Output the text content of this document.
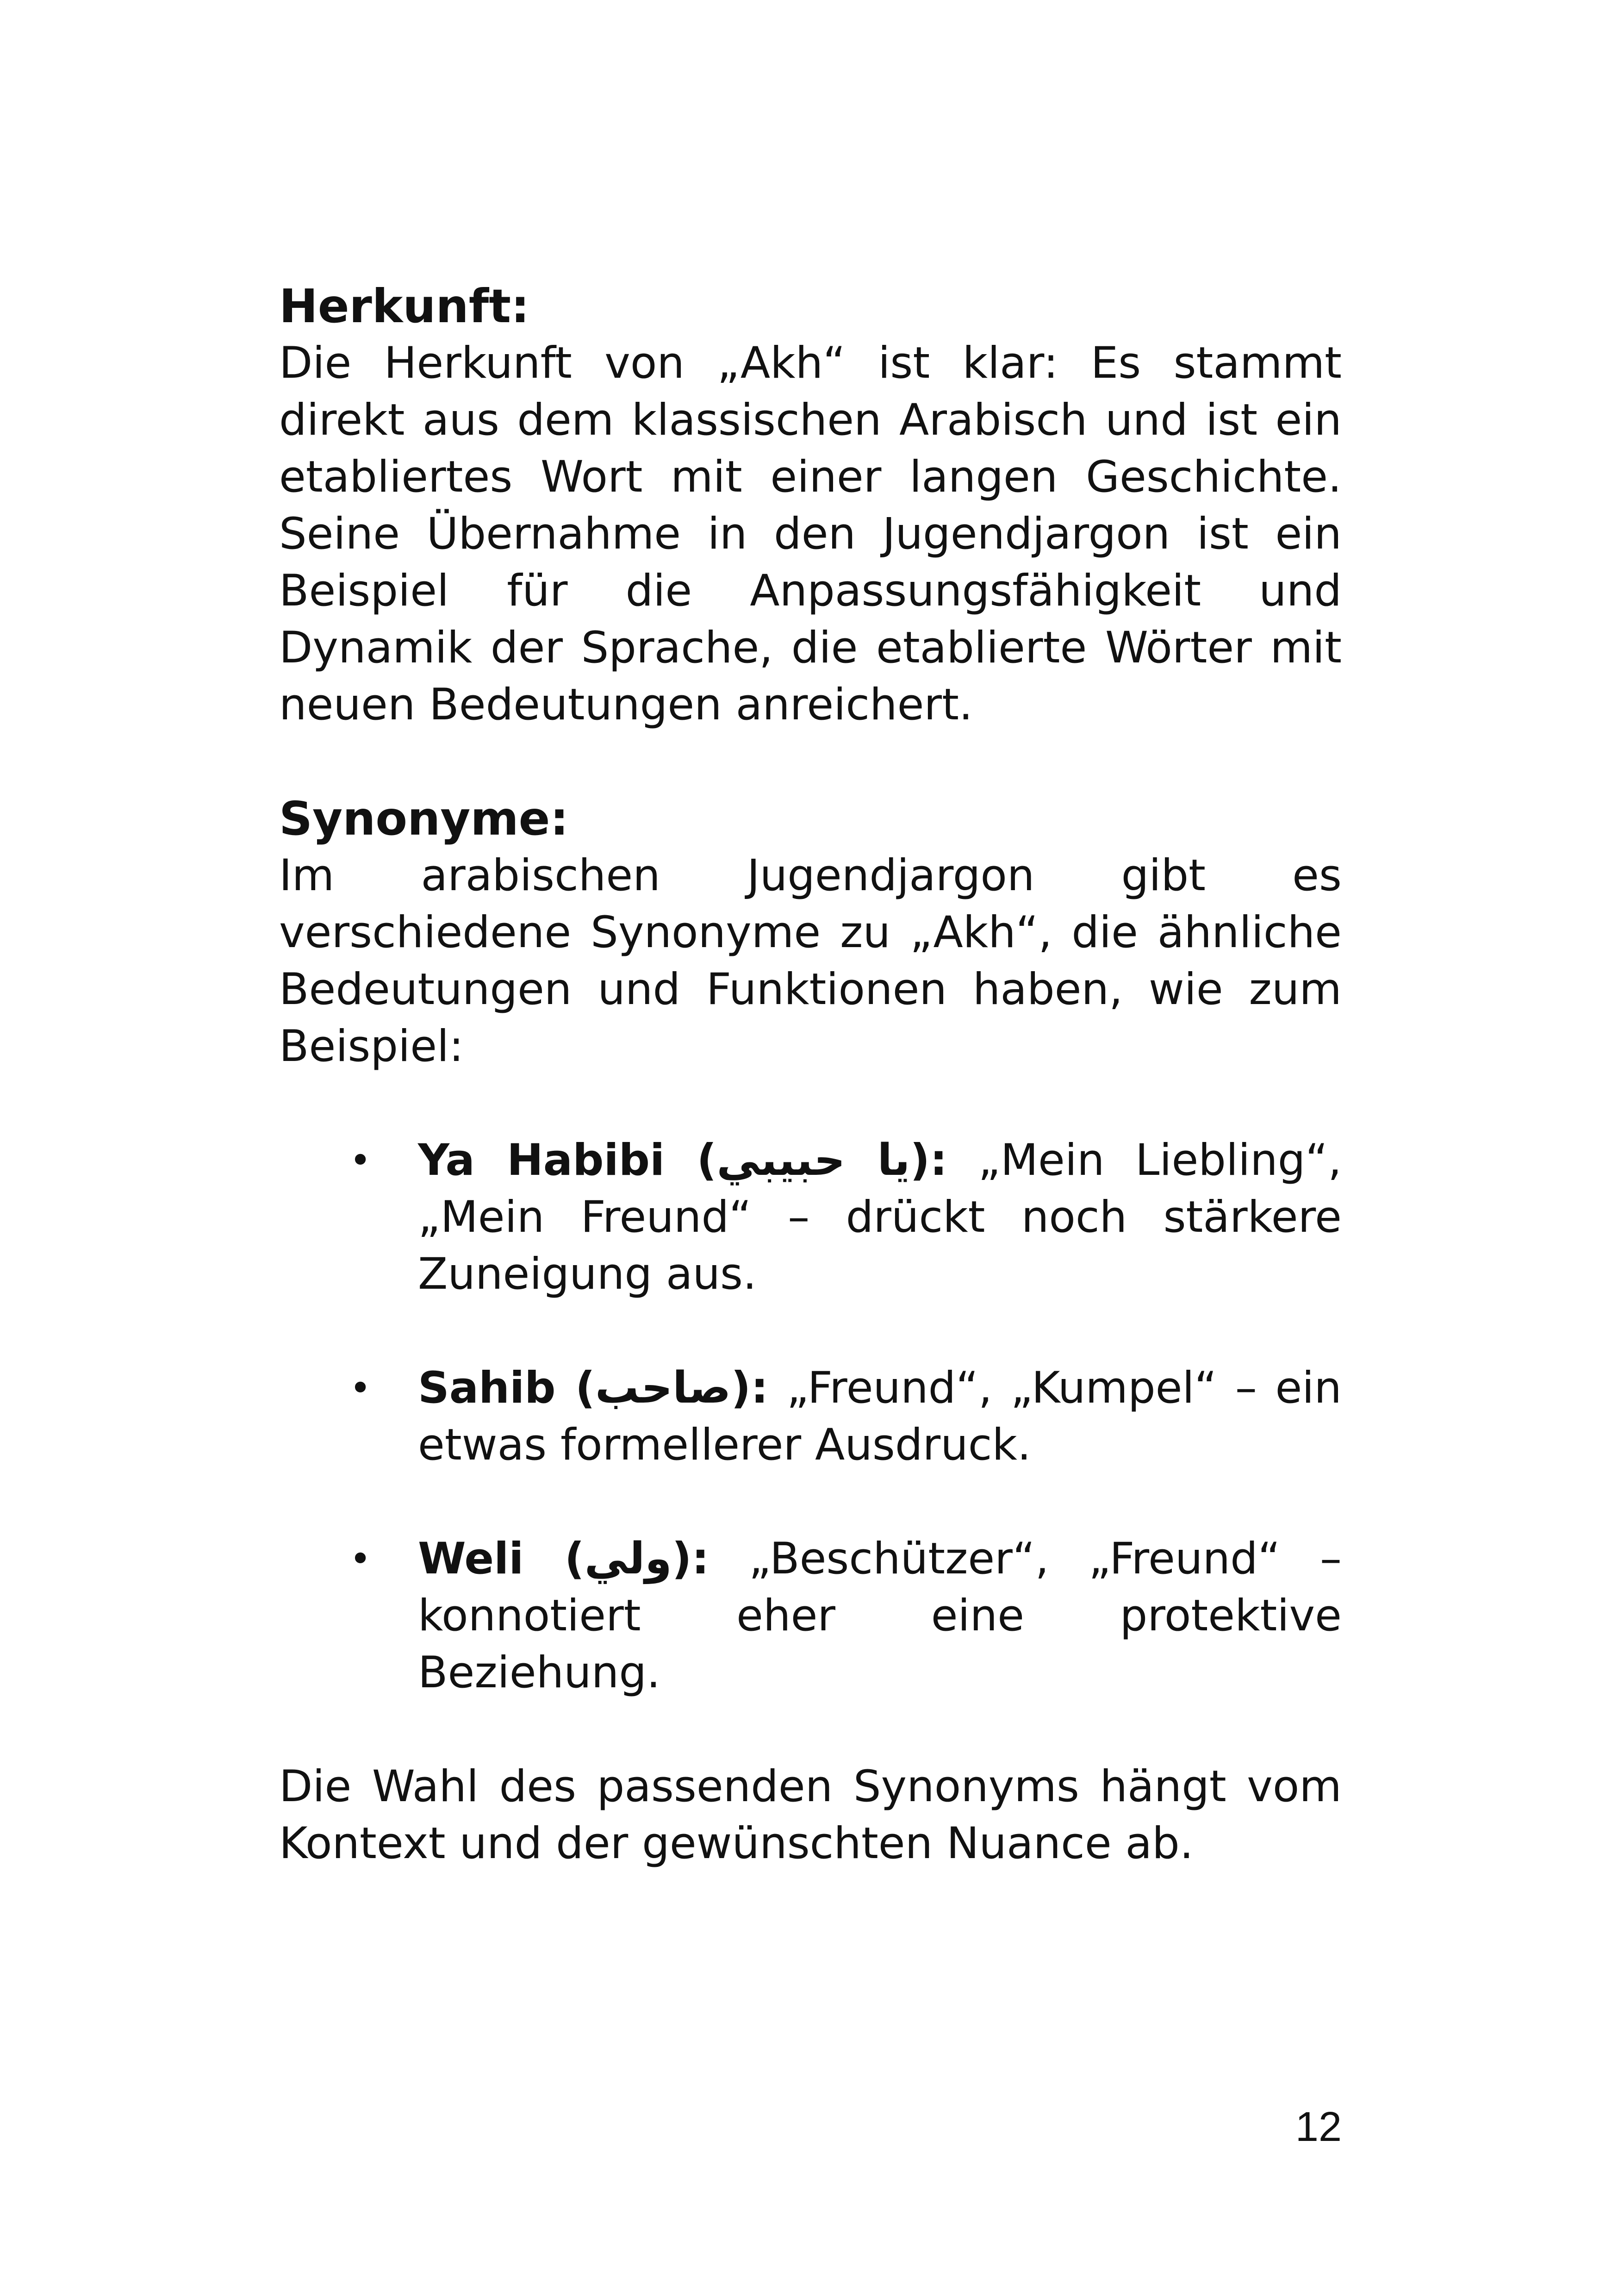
Herkunft:

Die Herkunft von „Akh“ ist klar: Es stammt direkt aus dem klassischen Arabisch und ist ein etabliertes Wort mit einer langen Geschichte. Seine Übernahme in den Jugendjargon ist ein Beispiel für die Anpassungsfähigkeit und Dynamik der Sprache, die etablierte Wörter mit neuen Bedeutungen anreichert.

Synonyme:

Im arabischen Jugendjargon gibt es verschiedene Synonyme zu „Akh“, die ähnliche Bedeutungen und Funktionen haben, wie zum Beispiel:

• Ya Habibi (يا حبيبي): „Mein Liebling“, „Mein Freund“ – drückt noch stärkere Zuneigung aus.
• Sahib (صاحب): „Freund“, „Kumpel“ – ein etwas formellerer Ausdruck.
• Weli (ولي): „Beschützer“, „Freund“ – konnotiert eher eine protektive Beziehung.

Die Wahl des passenden Synonyms hängt vom Kontext und der gewünschten Nuance ab.

12
